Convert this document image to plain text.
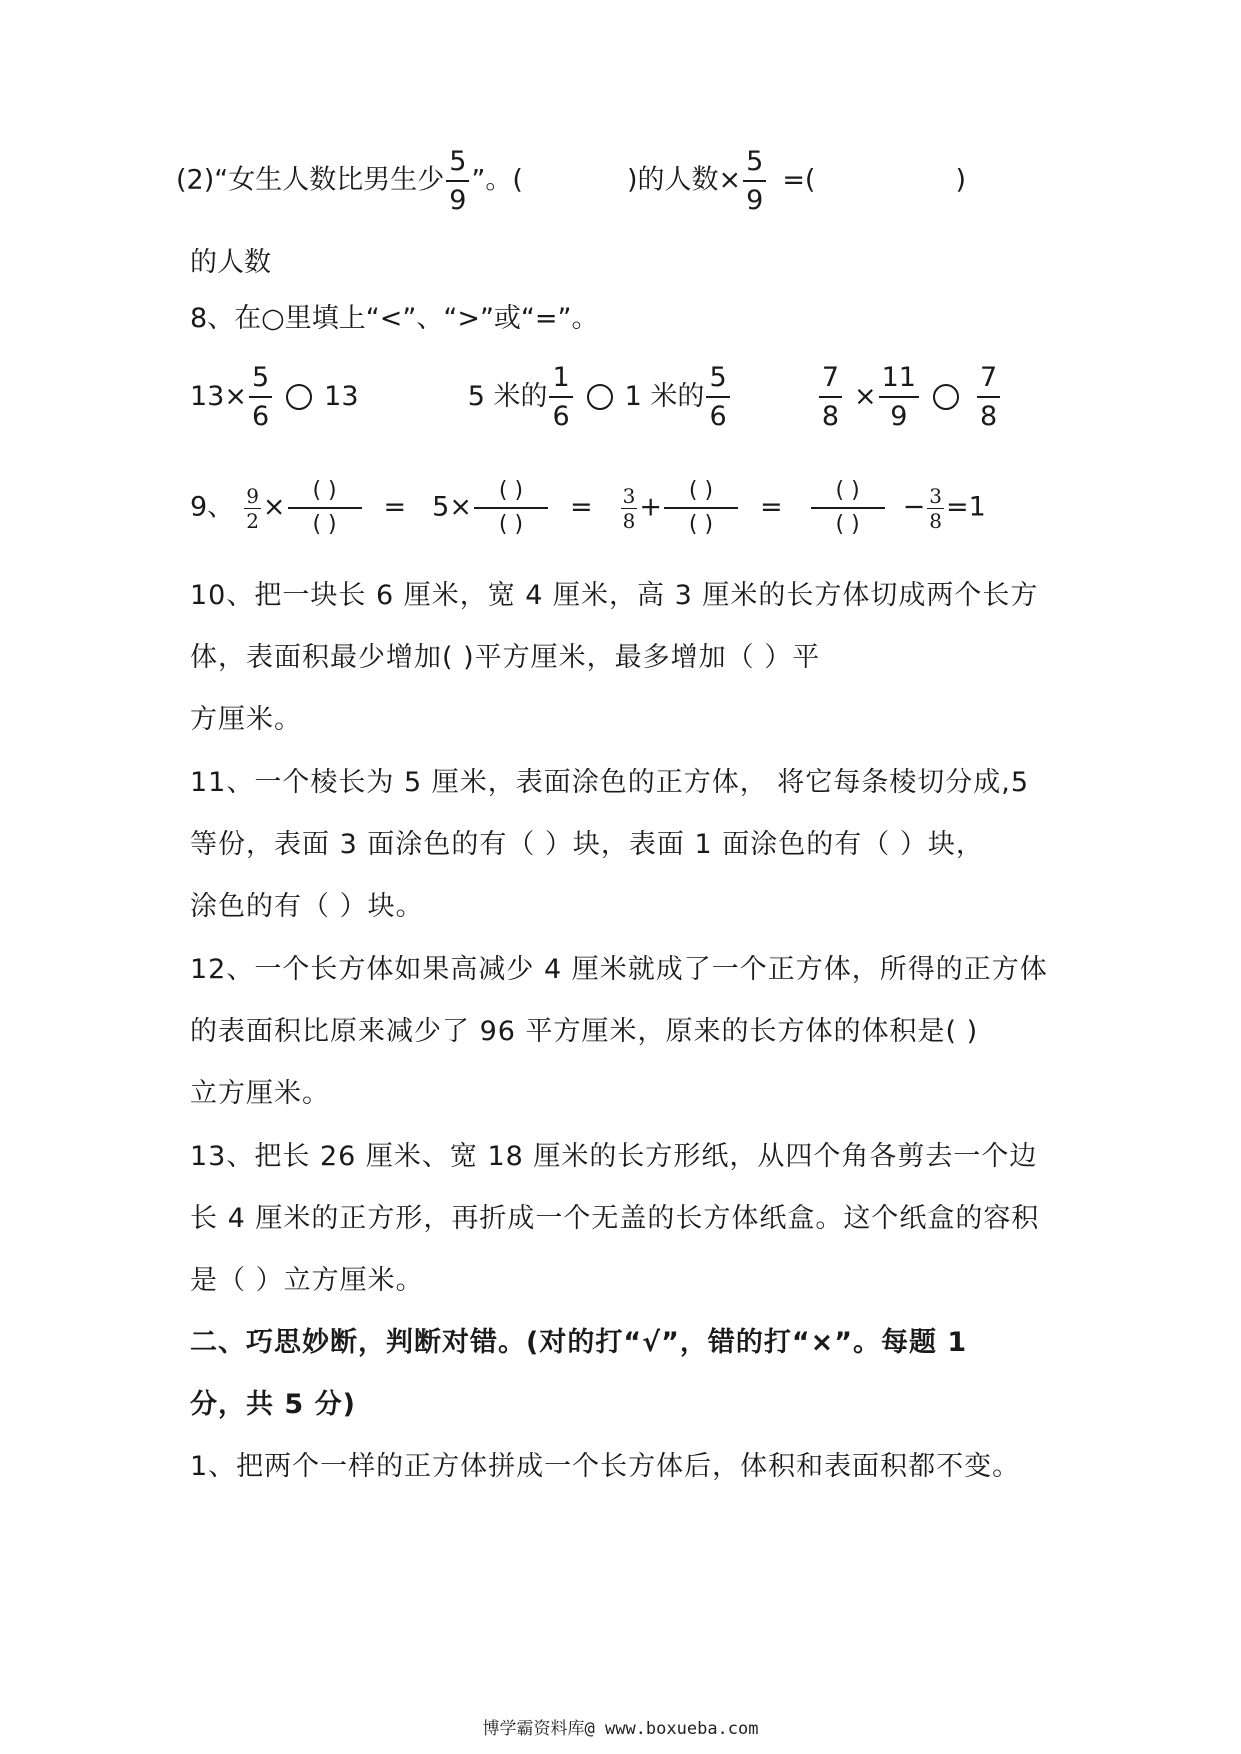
(2)“女生人数比男生少 $\frac{5}{9}$ ”。(	)的人数× $\frac{5}{9}$ =(	)
的人数
8、在○里填上“<”、“>”或“=”。
$13\times \frac{5}{6} 13$	5 米的 $\frac{1}{6} 1$ 米的 $\frac{5}{6}$
	$\frac{7}{8} \times \frac{11}{9} \frac{7}{8}$
9、 $\frac{9}{2} \times \frac{( )}{( )} = 5\times \frac{( )}{( )} = \frac{3}{8} + \frac{( )}{( )} = \frac{( )}{( )} - \frac{3}{8} =1$
10、把一块长 6 厘米，宽 4 厘米，高 3 厘米的长方体切成两个长方
体，表面积最少增加( )平方厘米，最多增加（ ）平
方厘米。
11、一个棱长为 5 厘米，表面涂色的正方体， 将它每条棱切分成,5
等份，表面 3 面涂色的有（ ）块，表面 1 面涂色的有（ ）块，
涂色的有（ ）块。
12、一个长方体如果高减少 4 厘米就成了一个正方体，所得的正方体
的表面积比原来减少了 96 平方厘米，原来的长方体的体积是( )
立方厘米。
13、把长 26 厘米、宽 18 厘米的长方形纸，从四个角各剪去一个边
长 4 厘米的正方形，再折成一个无盖的长方体纸盒。这个纸盒的容积
是（ ）立方厘米。
二、巧思妙断，判断对错。(对的打“√”，错的打“×”。每题 1
分，共 5 分)
1、把两个一样的正方体拼成一个长方体后，体积和表面积都不变。
博学霸资料库@ www.boxueba.com
